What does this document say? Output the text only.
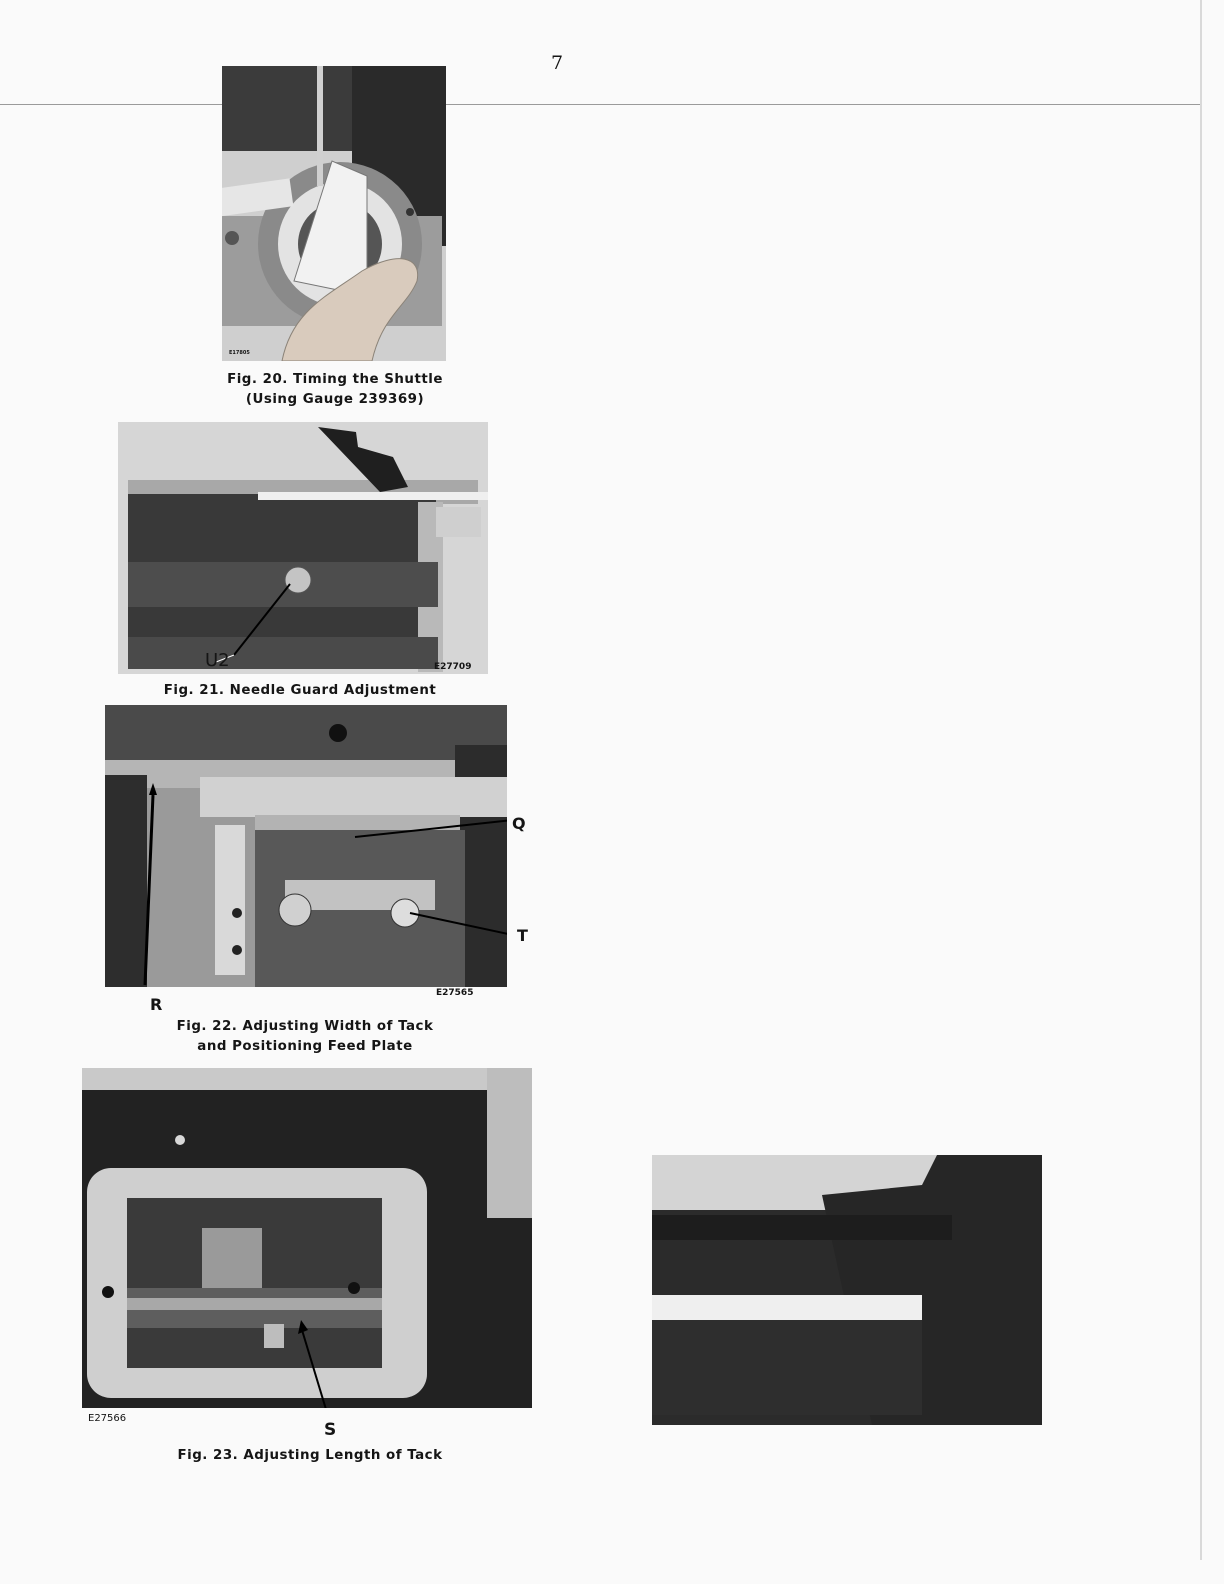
7
E17805
Fig. 20. Timing the Shuttle
(Using Gauge 239369)
U2	E27709
Fig. 21. Needle Guard Adjustment
Q
T
R
E27565
Fig. 22. Adjusting Width of Tack
and Positioning Feed Plate
E27566
S
Fig. 23. Adjusting Length of Tack
